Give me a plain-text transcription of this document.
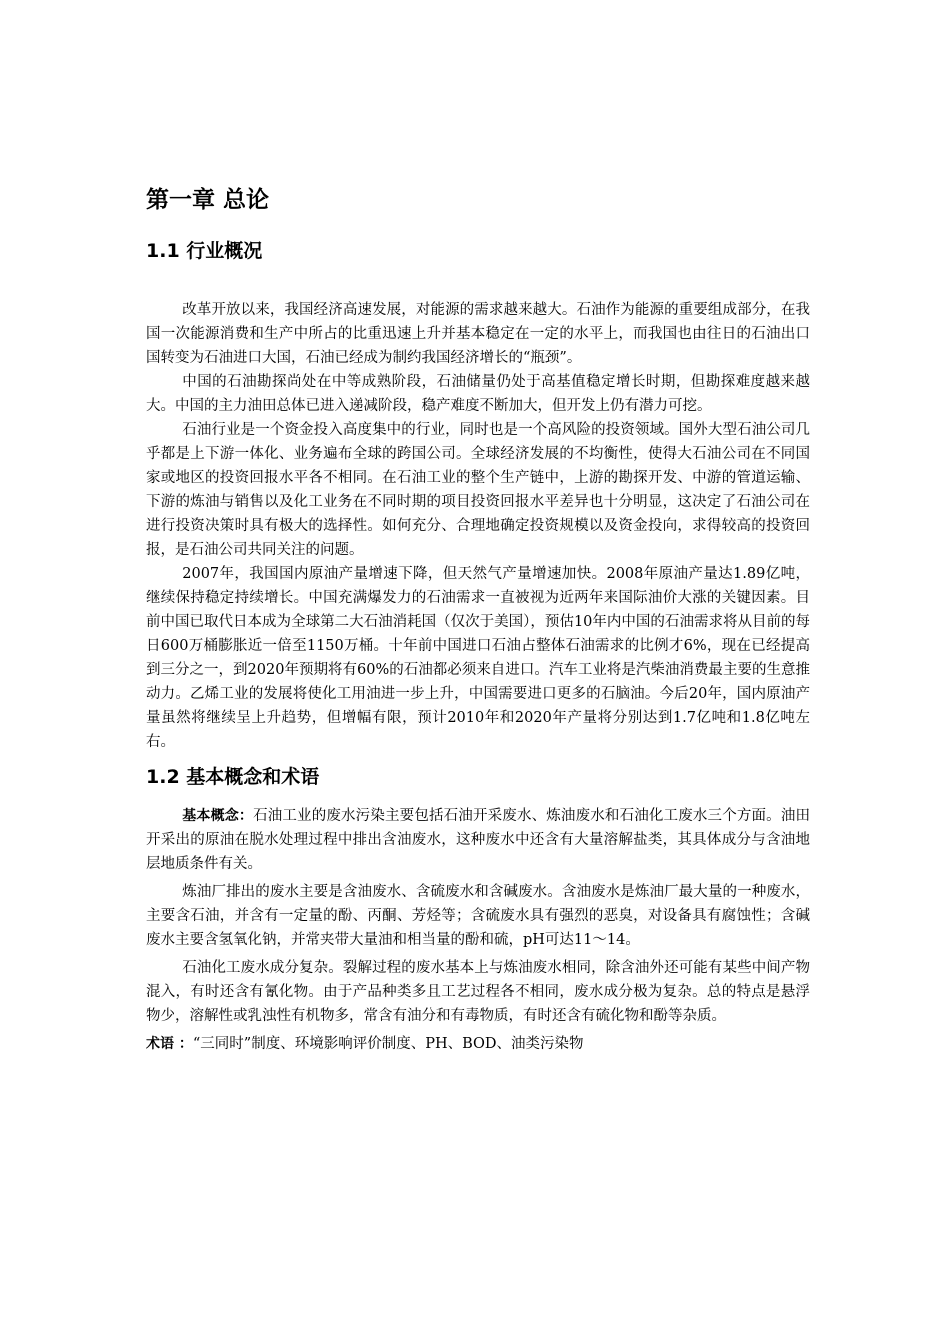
第一章 总论
1.1 行业概况

改革开放以来，我国经济高速发展，对能源的需求越来越大。石油作为能源的重要组成部分，在我国一次能源消费和生产中所占的比重迅速上升并基本稳定在一定的水平上，而我国也由往日的石油出口国转变为石油进口大国，石油已经成为制约我国经济增长的“瓶颈”。

中国的石油勘探尚处在中等成熟阶段，石油储量仍处于高基值稳定增长时期，但勘探难度越来越大。中国的主力油田总体已进入递减阶段，稳产难度不断加大，但开发上仍有潜力可挖。

石油行业是一个资金投入高度集中的行业，同时也是一个高风险的投资领域。国外大型石油公司几乎都是上下游一体化、业务遍布全球的跨国公司。全球经济发展的不均衡性，使得大石油公司在不同国家或地区的投资回报水平各不相同。在石油工业的整个生产链中，上游的勘探开发、中游的管道运输、下游的炼油与销售以及化工业务在不同时期的项目投资回报水平差异也十分明显，这决定了石油公司在进行投资决策时具有极大的选择性。如何充分、合理地确定投资规模以及资金投向，求得较高的投资回报，是石油公司共同关注的问题。

2007年，我国国内原油产量增速下降，但天然气产量增速加快。2008年原油产量达1.89亿吨，继续保持稳定持续增长。中国充满爆发力的石油需求一直被视为近两年来国际油价大涨的关键因素。目前中国已取代日本成为全球第二大石油消耗国（仅次于美国），预估10年内中国的石油需求将从目前的每日600万桶膨胀近一倍至1150万桶。十年前中国进口石油占整体石油需求的比例才6%，现在已经提高到三分之一，到2020年预期将有60%的石油都必须来自进口。汽车工业将是汽柴油消费最主要的生意推动力。乙烯工业的发展将使化工用油进一步上升，中国需要进口更多的石脑油。今后20年，国内原油产量虽然将继续呈上升趋势，但增幅有限，预计2010年和2020年产量将分别达到1.7亿吨和1.8亿吨左右。

1.2 基本概念和术语

基本概念：石油工业的废水污染主要包括石油开采废水、炼油废水和石油化工废水三个方面。油田开采出的原油在脱水处理过程中排出含油废水，这种废水中还含有大量溶解盐类，其具体成分与含油地层地质条件有关。

炼油厂排出的废水主要是含油废水、含硫废水和含碱废水。含油废水是炼油厂最大量的一种废水，主要含石油，并含有一定量的酚、丙酮、芳烃等；含硫废水具有强烈的恶臭，对设备具有腐蚀性；含碱废水主要含氢氧化钠，并常夹带大量油和相当量的酚和硫，pH可达11～14。

石油化工废水成分复杂。裂解过程的废水基本上与炼油废水相同，除含油外还可能有某些中间产物混入，有时还含有氰化物。由于产品种类多且工艺过程各不相同，废水成分极为复杂。总的特点是悬浮物少，溶解性或乳浊性有机物多，常含有油分和有毒物质，有时还含有硫化物和酚等杂质。

术语 ：“三同时”制度、环境影响评价制度、PH、BOD、油类污染物
